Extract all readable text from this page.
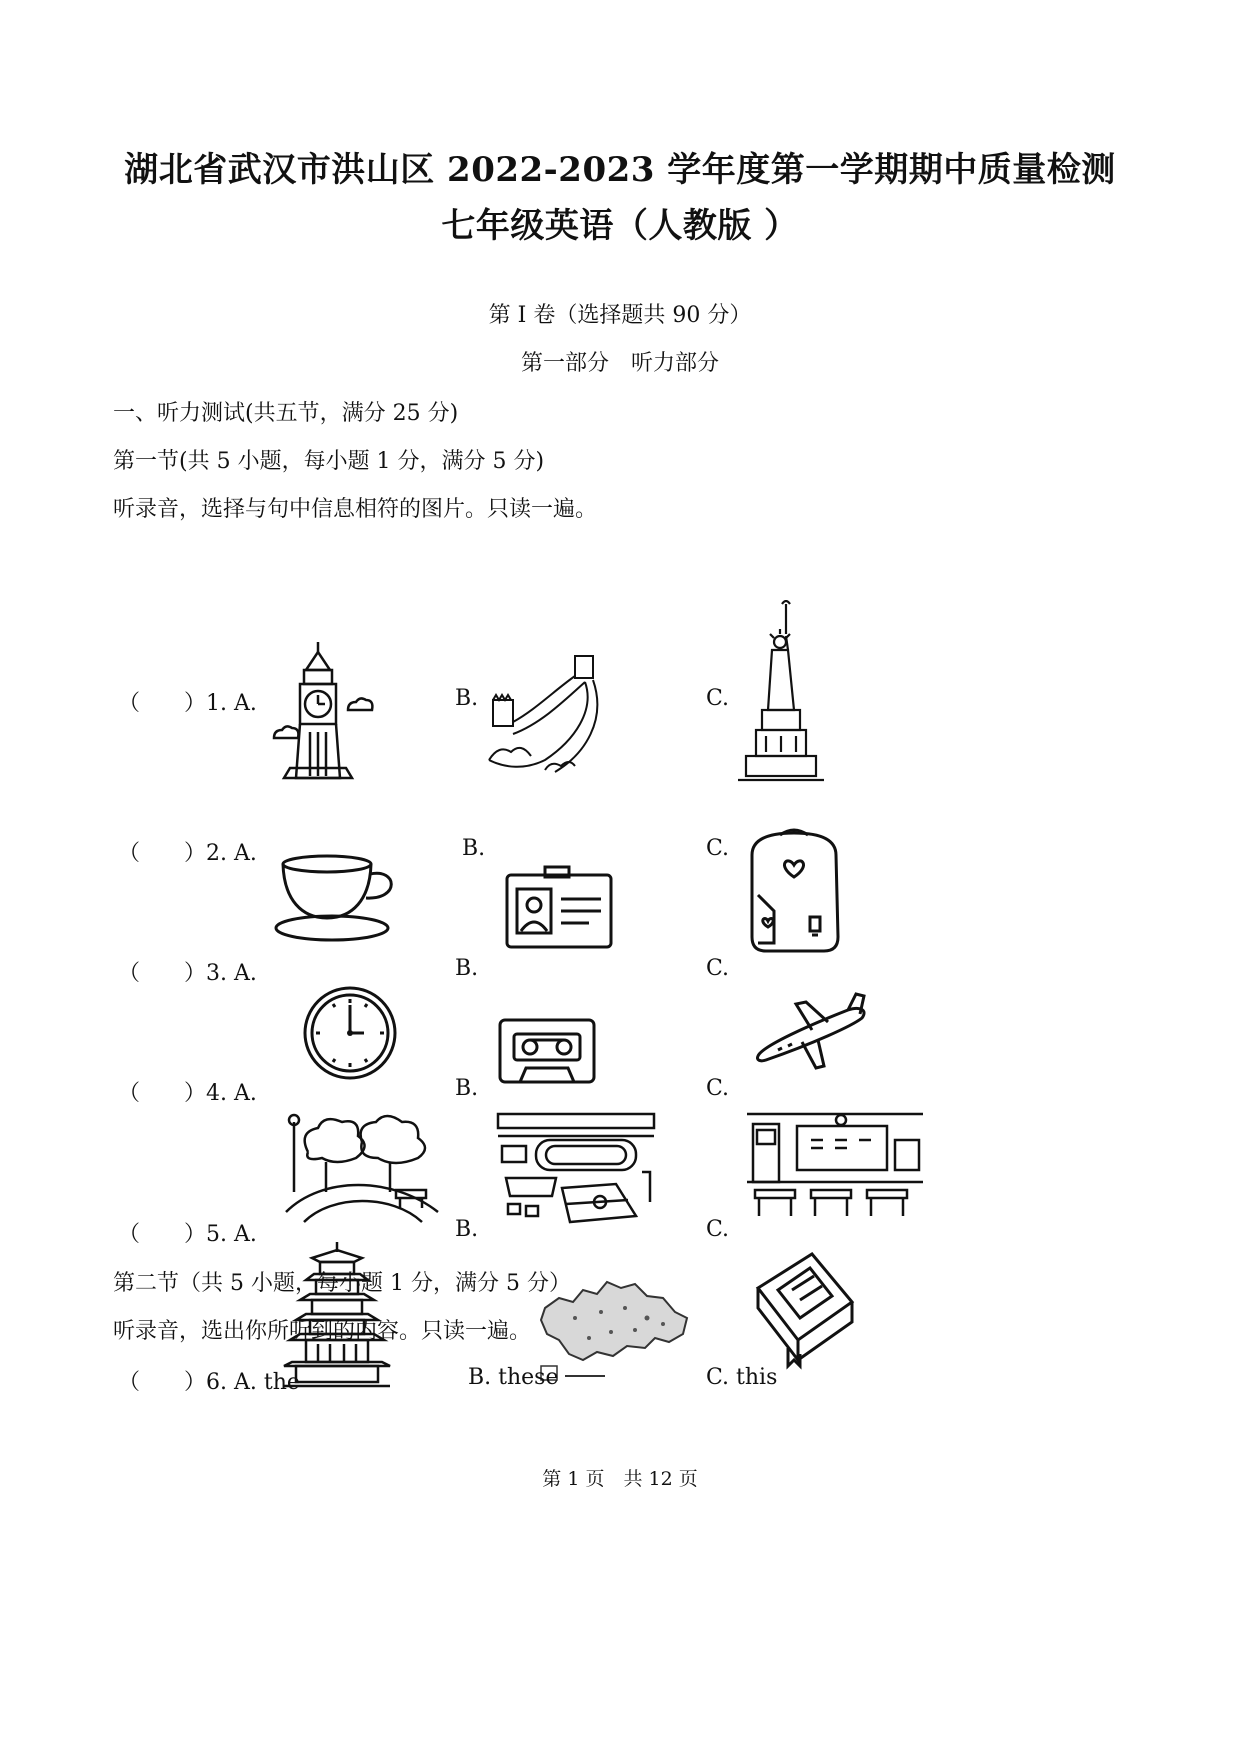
湖北省武汉市洪山区 2022-2023 学年度第一学期期中质量检测
七年级英语（人教版 ）
第 I 卷（选择题共 90 分）
第一部分　听力部分
一、听力测试(共五节，满分 25 分)
第一节(共 5 小题，每小题 1 分，满分 5 分)
听录音，选择与句中信息相符的图片。只读一遍。
（　　）1. A.	B.	C.
（　　）2. A.	B.	C.
（　　）3. A.	B.	C.
（　　）4. A.	B.	C.
（　　）5. A.	B.	C.
第二节（共 5 小题，每小题 1 分，满分 5 分）
听录音，选出你所听到的内容。只读一遍。
（　　）6. A. the	B. these	C. this
第 1 页　共 12 页
